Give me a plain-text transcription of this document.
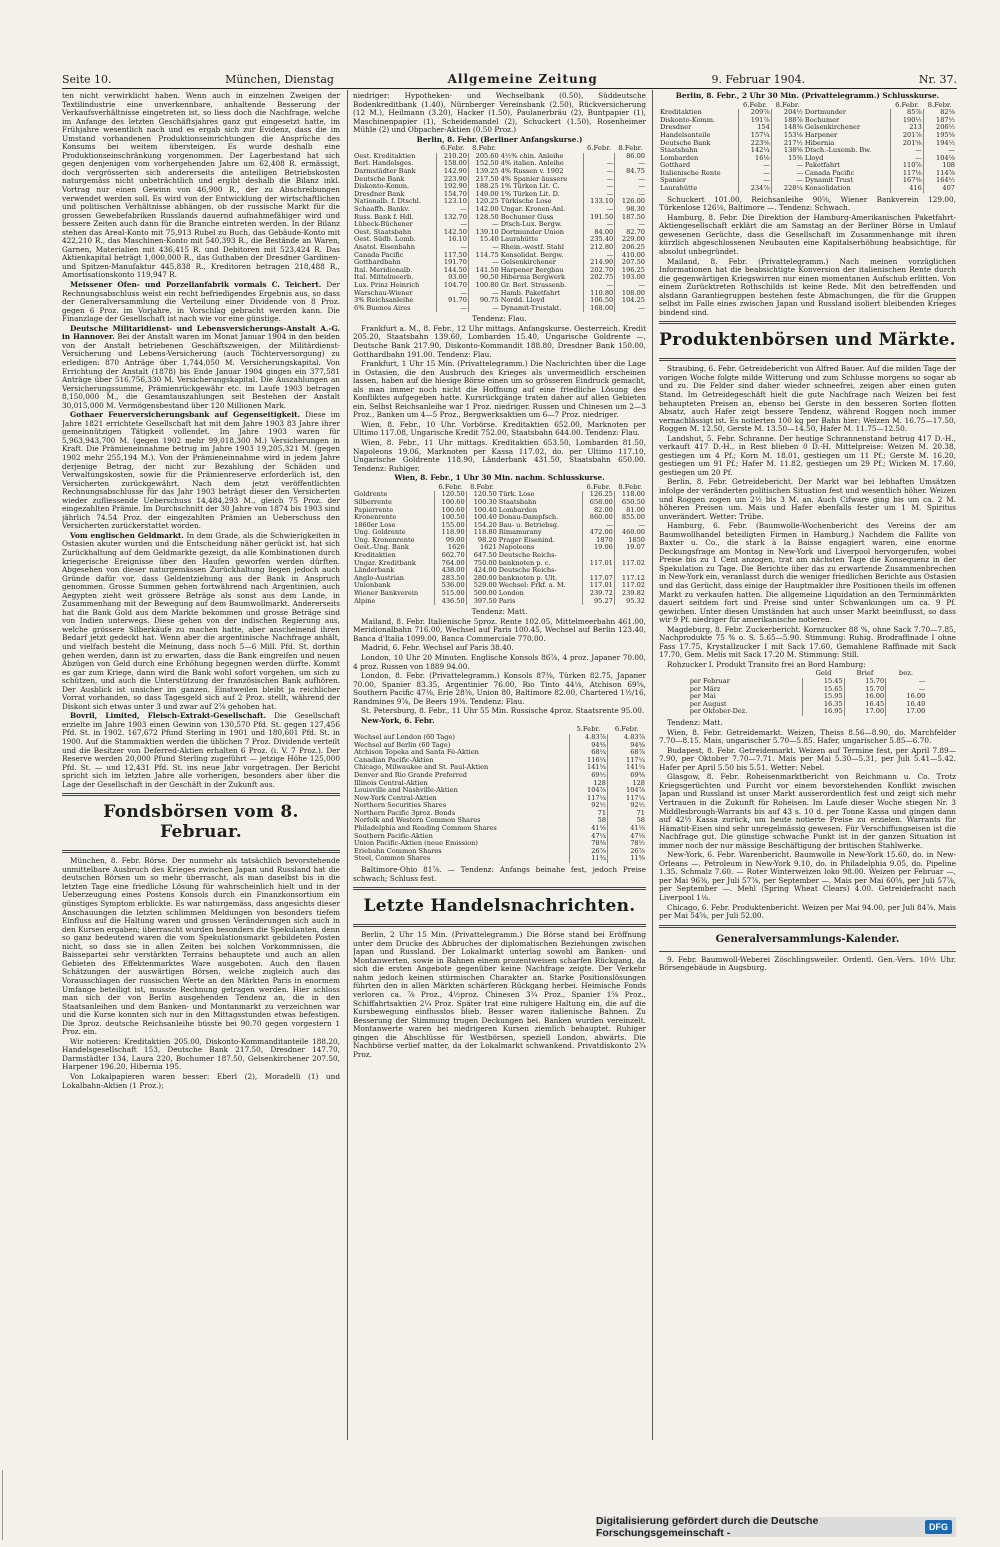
Seite 10.	München, Dienstag	Allgemeine Zeitung	9. Februar 1904.	Nr. 37.

ten nicht verwirklicht haben. Wenn auch in einzelnen Zweigen der Textilindustrie eine unverkennbare, anhaltende Besserung der Verkaufsverhältnisse eingetreten ist, so liess doch die Nachfrage, welche im Anfange des letzten Geschäftsjahres ganz gut eingesetzt hatte, im Frühjahre wesentlich nach und es ergab sich zur Evidenz, dass die im Umstand vorhandenen Produktionseinrichtungen die Ansprüche des Konsums bei weitem übersteigen. Es wurde deshalb eine Produktionseinschränkung vorgenommen. Der Lagerbestand hat sich gegen denjenigen vom vorhergehenden Jahre um 62,408 R. ermässigt, doch vergrösserten sich andererseits die anteiligen Betriebskosten naturgemäss nicht unbeträchtlich und ergibt deshalb die Bilanz inkl. Vortrag nur einen Gewinn von 46,900 R., der zu Abschreibungen verwendet werden soll. Es wird von der Entwicklung der wirtschaftlichen und politischen Verhältnisse abhängen, ob der russische Markt für die grossen Gewebefabriken Russlands dauernd aufnahmefähiger wird und bessere Zeiten auch dann für die Branche eintreten werden. In der Bilanz stehen das Areal-Konto mit 75,913 Rubel zu Buch, das Gebäude-Konto mit 422,210 R., das Maschinen-Konto mit 540,393 R., die Bestände an Waren, Garnen, Materialien mit 436,415 R. und Debitoren mit 523,424 R. Das Aktienkapital beträgt 1,000,000 R., das Guthaben der Dresdner Gardinen- und Spitzen-Manufaktur 445,838 R., Kreditoren betragen 218,488 R., Amortisationskonto 119,947 R.

Meissener Ofen- und Porzellanfabrik vormals C. Teichert. Der Rechnungsabschluss weist ein recht befriedigendes Ergebnis aus, so dass der Generalversammlung die Verteilung einer Dividende von 8 Proz. gegen 6 Proz. im Vorjahre, in Vorschlag gebracht werden kann. Die Finanzlage der Gesellschaft ist nach wie vor eine günstige.

Deutsche Militaridienst- und Lebensversicherungs-Anstalt A.-G. in Hannover. Bei der Anstalt waren im Monat Januar 1904 in den beiden von der Anstalt betriebenen Geschäftszweigen, der Militärdienst-Versicherung und Lebens-Versicherung (auch Töchterversorgung) zu erledigen: 870 Anträge über 1,744,050 M. Versicherungskapital. Von Errichtung der Anstalt (1878) bis Ende Januar 1904 gingen ein 377,581 Anträge über 516,756,330 M. Versicherungskapital. Die Auszahlungen an Versicherungssumme, Prämienrückgewähr etc. im Laufe 1903 betragen 8,150,000 M., die Gesamtauszahlungen seit Bestehen der Anstalt 30,015,000 M. Vermögensbestand über 120 Millionen Mark.

Gothaer Feuerversicherungsbank auf Gegenseitigkeit. Diese im Jahre 1821 errichtete Gesellschaft hat mit dem Jahre 1903 83 Jahre ihrer gemeinnützigen Tätigkeit vollendet. Im Jahre 1903 waren für 5,963,943,700 M. (gegen 1902 mehr 99,018,300 M.) Versicherungen in Kraft. Die Prämieneinnahme betrug im Jahre 1903 19,205,321 M. (gegen 1902 mehr 255,194 M.). Von der Prämieneinnahme wird in jedem Jahre derjenige Betrag, der nicht zur Bezahlung der Schäden und Verwaltungskosten, sowie für die Prämienreserve erforderlich ist, den Versicherten zurückgewährt. Nach dem jetzt veröffentlichten Rechnungsabschlusse für das Jahr 1903 beträgt dieser den Versicherten wieder zufliessende Ueberschuss 14,484,293 M., gleich 75 Proz. der eingezahlten Prämie. Im Durchschnitt der 30 Jahre von 1874 bis 1903 sind jährlich 74.54 Proz. der eingezahlten Prämien an Ueberschuss den Versicherten zurückerstattet worden.

Vom englischen Geldmarkt. In dem Grade, als die Schwierigkeiten in Ostasien akuter wurden und die Entscheidung näher gerückt ist, hat sich Zurückhaltung auf dem Geldmarkte gezeigt, da alle Kombinationen durch kriegerische Ereignisse über den Haufen geworfen werden dürften. Abgesehen von dieser naturgemässen Zurückhaltung liegen jedoch auch Gründe dafür vor, dass Geldentziehung aus der Bank in Anspruch genommen. Grosse Summen gehen fortwährend nach Argentinien, auch Aegypten zieht weit grössere Beträge als sonst aus dem Lande, in Zusammenhang mit der Bewegung auf dem Baumwollmarkt. Andererseits hat die Bank Gold aus dem Markte bekommen und grosse Beträge sind von Indien unterwegs. Diese gehen von der indischen Regierung aus, welche grössere Silberkäufe zu machen hatte, aber anscheinend ihren Bedarf jetzt gedeckt hat. Wenn aber die argentinische Nachfrage anhält, und vielfach besteht die Meinung, dass noch 5—6 Mill. Pfd. St. dorthin gehen werden, dann ist zu erwarten, dass die Bank eingreifen und neuen Abzügen von Geld durch eine Erhöhung begegnen werden dürfte. Kommt es gar zum Kriege, dann wird die Bank wohl sofort vorgehen, um sich zu schützen, und auch die Unterstützung der französischen Bank aufhören. Der Ausblick ist unsicher im ganzen. Einstweilen bleibt ja reichlicher Vorrat vorhanden, so dass Tagesgeld sich auf 2 Proz. stellt, während der Diskont sich etwas unter 3 und zwar auf 2⅞ gehoben hat.

Bovril, Limited, Fleisch-Extrakt-Gesellschaft. Die Gesellschaft erzielte im Jahre 1903 einen Gewinn von 130,570 Pfd. St. gegen 127,456 Pfd. St. in 1902. 167,672 Pfund Sterling in 1901 und 180,601 Pfd. St. in 1900. Auf die Stammaktien werden die üblichen 7 Proz. Dividende verteilt und die Besitzer von Deferred-Aktien erhalten 6 Proz. (i. V. 7 Proz.). Der Reserve werden 20,000 Pfund Sterling zugeführt — jetzige Höhe 125,000 Pfd. St. — und 12,431 Pfd. St. ins neue Jahr vorgetragen. Der Bericht spricht sich im letzten Jahre alle vorherigen, besonders aber über die Lage der Gesellschaft in der Geschäft in der Zukunft aus.

Fondsbörsen vom 8. Februar.

München, 8. Febr. Börse. Der nunmehr als tatsächlich bevorstehende unmittelbare Ausbruch des Krieges zwischen Japan und Russland hat die deutschen Börsen um so mehr überrascht, als man daselbst bis in die letzten Tage eine friedliche Lösung für wahrscheinlich hielt und in der Ueberzeugung eines Postens Konsols durch ein Finanzkonsortium ein günstiges Symptom erblickte. Es war naturgemäss, dass angesichts dieser Anschauungen die letzten schlimmen Meldungen von besonders tiefem Einfluss auf die Haltung waren und grossen Veränderungen sich auch in den Kursen ergaben; überrascht wurden besonders die Spekulanten, denn so ganz bedeutend waren die vom Spekulationsmarkt gebildeten Posten nicht, so dass sie in allen Zeiten bei solchen Vorkommnissen, die Baissepartei sehr verstärkten Terrains behauptete und auch an allen Gebieten des Effektenmarktes Ware ausgeboten. Auch den flauen Schätzungen der auswärtigen Börsen, welche zugleich auch das Vorausschlagen der russischen Werte an den Märkten Paris in enormem Umfange beteiligt ist, musste Rechnung getragen werden. Hier schloss man sich der von Berlin ausgehenden Tendenz an, die in den Staatsanleihen und dem Banken- und Montanmarkt zu verzeichnen war und die Kurse konnten sich nur in den Mittagsstunden etwas befestigen. Die 3proz. deutsche Reichsanleihe büsste bei 90.70 gegen vorgestern 1 Proz. ein.

Wir notieren: Kreditaktien 205.00, Diskonto-Kommanditanteile 188.20, Handelsgesellschaft 153, Deutsche Bank 217.50, Dresdner 147.70, Darmstädter 134, Laura 220, Bochumer 187.50, Gelsenkirchener 207.50, Harpener 196.20, Hibernia 195.

Von Lokalpapieren waren besser: Eberl (2), Moradelli (1) und Lokalbahn-Aktien (1 Proz.);

niedriger: Hypotheken- und Wechselbank (0.50), Süddeutsche Bodenkreditbank (1.40), Nürnberger Vereinsbank (2.50), Rückversicherung (12 M.), Heilmann (3.20), Hacker (1.50), Paulanerbräu (2), Buntpapier (1), Maschinenpapier (1), Scheidemandel (2), Schuckert (1.50), Rosenheimer Mühle (2) und Obpacher-Aktien (0.50 Proz.)

Berlin, 8. Febr. (Berliner Anfangskurse.)

	6.Febr.	8.Febr.		6.Febr.	8.Febr.
Oest. Kreditaktien	210.20	205.60	4½% chin. Anleihe		86.00
Berl. Handelsges.	158.00	152.50	4% italien. Anleihe	—	—
Darmstädter Bank	142.90	139.25	4% Russen v. 1902	—	84.75
Deutsche Bank	223.90	217.50	4% Spanier äussere	—	—
Diskonto-Komm.	192.90	188.25	1% Türken Lit. C.	—	—
Dresdner Bank	154.70	149.00	1% Türken Lit. D.	—	—
Nationalb. f. Dtschl.	123.10	120.25	Türkische Lose	133.10	126.00
Schaaffh. Bankv.	—	142.00	Ungar. Kronen-Anl.	—	98.30
Russ. Bank f. Hdl.	132.70	128.50	Bochumer Guss	191.50	187.50
Lübeck-Büchener	—	—	Dtsch-Lux. Bergw.	—	—
Oest. Staatsbahn	142.50	139.10	Dortmunder Union	84.00	82.70
Oest. Südb. Lomb.	16.10	15.40	Laurahütte	235.40	229.00
Anatol. Eisenbahn	—	—	Rhein.-westf. Stahl	212.80	206.25
Canada Pacific	117.50	114.75	Konsolidat. Bergw.	—	410.00
Gotthardbahn	191.70	—	Gelsenkirchener	214.90	207.50
Ital. Meridionalb.	144.50	141.50	Harpener Bergbau	202.70	196.25
Ital. Mittelmeerb.	93.00	90.50	Hibernia Bergwerk	202.75	193.00
Lux. Prinz Heinrich	104.70	100.80	Gr. Berl. Strassenb.	—	—
Warschau-Wiener	—	—	Hamb. Paketfahrt	110.80	108.00
3% Reichsanleihe	91.70	90.75	Nordd. Lloyd	106.50	104.25
6% Buenos Aires	—	—	Dynamit-Trustakt.	168.00	—

Tendenz: Flau.

Frankfurt a. M., 8. Febr., 12 Uhr mittags. Anfangskurse. Oesterreich. Kredit 205.20, Staatsbahn 139.60, Lombarden 15.40, Ungarische Goldrente —, Deutsche Bank 217.90, Diskonto-Kommandit 188.80, Dresdner Bank 150.00, Gotthardbahn 191.00. Tendenz: Flau.

Frankfurt, 1 Uhr 15 Min. (Privattelegramm.) Die Nachrichten über die Lage in Ostasien, die den Ausbruch des Krieges als unvermeidlich erscheinen lassen, haben auf die hiesige Börse einen um so grösseren Eindruck gemacht, als man immer noch nicht die Hoffnung auf eine friedliche Lösung des Konfliktes aufgegeben hatte. Kursrückgänge traten daher auf allen Gebieten ein. Selbst Reichsanleihe war 1 Proz. niedriger. Russen und Chinesen um 2—3 Proz., Banken um 4—5 Proz., Bergwerksaktien um 6—7 Proz. niedriger.

Wien, 8. Febr., 10 Uhr. Vorbörse. Kreditaktien 652.00, Marknoten per Ultimo 117.08, Ungarische Kredit 752.00, Staatsbahn 644.00. Tendenz: Flau.

Wien, 8. Febr., 11 Uhr mittags. Kreditaktien 653.50, Lombarden 81.50, Napoleons 19.06, Marknoten per Kassa 117.02, do. per Ultimo 117.10, Ungarische Goldrente 118.90, Länderbank 431.50, Staatsbahn 650.00. Tendenz: Ruhiger.

Wien, 8. Febr., 1 Uhr 30 Min. nachm. Schlusskurse.

	6.Febr.	8.Febr.		6.Febr.	8.Febr.
Goldrente	120.50	120.50	Türk. Lose	126.25	118.00
Silberrente	100.60	100.30	Staatsbahn	658.00	650.50
Papierrente	100.60	100.40	Lombarden	82.00	81.00
Kronenrente	100.50	100.40	Donau-Dampfsch.	860.00	855.00
1860er Lose	155.00	154.20	Bau- u. Betriebsg.	—	—
Ung. Goldrente	118.90	118.80	Rimamurany	472.00	460.00
Ung. Kronenrente	99.00	98.20	Prager Eisenind.	1870	1850
Oest.-Ung. Bank	1626	1621	Napoleons	19.06	19.07
Kreditaktien	662.70	647.50	Deutsche Reichs-		
Ungar. Kreditbank	764.00	750.00	banknoten p. c.	117.01	117.02
Länderbank	438.00	424.00	Deutsche Reichs-		
Anglo-Austrian	283.50	280.00	banknoten p. Ult.	117.07	117.12
Unionbank	536.00	529.00	Wechsel: Frkf. a. M.	117.01	117.02
Wiener Bankverein	515.00	500.00	London	239.72	239.82
Alpine	436.50	397.50	Paris	95.27	95.32

Tendenz: Matt.

Mailand, 8. Febr. Italienische 5proz. Rente 102.05, Mittelmeerbahn 461.00, Meridionalbahn 716.00, Wechsel auf Paris 100.45, Wechsel auf Berlin 123.40, Banca d'Italia 1099.00, Banca Commerciale 770.00.

Madrid, 6. Febr. Wechsel auf Paris 38.40.

London, 10 Uhr 20 Minuten. Englische Konsols 86⅞, 4 proz. Japaner 70.00, 4 proz. Russen von 1889 94.00.

London, 8. Febr. (Privattelegramm.) Konsols 87⅜, Türken 82.75, Japaner 70.00, Spanier 83.35, Argentinier 76.00, Rio Tinto 44⅛, Atchison 69⅝, Southern Pacific 47⅛, Erie 28⅜, Union 80, Baltimore 82.00, Chartered 1½/16, Randmines 9⅞, De Beers 19⅜. Tendenz: Flau.

St. Petersburg, 8. Febr., 11 Uhr 55 Min. Russische 4proz. Staatsrente 95.00.

New-York, 6. Febr.

	5.Febr.	6.Febr.
Wechsel auf London (60 Tage)	4.83⅞	4.83⅞
Wechsel auf Berlin (60 Tage)	94⅝	94⅝
Atchison Topeka and Santa Fé-Aktien	68¼	68⅞
Canadian Pacific-Aktien	116¼	117¼
Chicago, Milwaukee and St. Paul-Aktien	141¼	141¼
Denver and Rio Grande Preferred	69½	69⅝
Illinois Central-Aktien	128	128
Louisville and Nashville-Aktien	104⅞	104⅞
New-York Central-Aktien	117¼	117¼
Northern Securities Shares	92½	92½
Northern Pacific 3proz. Bonds	71	71
Norfolk and Western Common Shares	58	58
Philadelphia and Reading Common Shares	41⅛	41⅛
Southern Pacific-Aktien	47¼	47⅛
Union Pacific-Aktien (neue Emission)	78⅜	78½
Eriebahn Common Shares	26⅞	26⅞
Steel, Common Shares	11¾	11⅝

Baltimore-Ohio 81⅞. — Tendenz: Anfangs beinahe fest, jedoch Preise schwach; Schluss fest.

Letzte Handelsnachrichten.

Berlin, 2 Uhr 15 Min. (Privattelegramm.) Die Börse stand bei Eröffnung unter dem Drucke des Abbruches der diplomatischen Beziehungen zwischen Japan und Russland. Der Lokalmarkt unterlag sowohl am Banken- und Montanwerten, sowie in Bahnen einem prozentweisen scharfen Rückgang, da sich die ersten Angebote gegenüber keine Nachfrage zeigte. Der Verkehr nahm jedoch keinen stürmischen Charakter an. Starke Positionslösungen führten den in allen Märkten schärferen Rückgang herbei. Heimische Fonds verloren ca. ⅞ Proz., 4½proz. Chinesen 3¼ Proz., Spanier 1⅝ Proz., Schiffahrtsaktien 2¼ Proz. Später trat eine ruhigere Haltung ein, die auf die Kursbewegung einflusslos blieb. Besser waren italienische Bahnen. Zu Besserung der Stimmung trugen Deckungen bei. Banken wurden vereinzelt. Montanwerte waren bei niedrigeren Kursen ziemlich behauptet. Ruhiger gingen die Abschlüsse für Westbörsen, speziell London, abwärts. Die Nachbörse verlief matter, da der Lokalmarkt schwankend. Privatdiskonto 2¾ Proz.

Berlin, 8. Febr., 2 Uhr 30 Min. (Privattelegramm.) Schlusskurse.

	6.Febr.	8.Febr.		6.Febr.	8.Febr.
Kreditaktien	209⅞	204½	Dortmunder	85⅞	82⅛
Diskonto-Komm.	191⅞	188⅞	Bochumer	190½	187½
Dresdner	154	148⅜	Gelsenkirchener	213	206½
Handelsanteile	157¼	153⅛	Harpener	201⅞	195⅝
Deutsche Bank	223⅝	217½	Hibernia	201⅝	194½
Staatsbahn	142¼	138⅝	Dtsch.-Luxemb. Bw.	—	—
Lombarden	16⅛	15⅜	Lloyd	—	104⅛
Gotthard	—	—	Paketfahrt	110⅞	108
Italienische Rente	—	—	Canada Pacific	117⅛	114⅞
Spanier	—	—	Dynamit Trust	167⅜	164½
Laurahütte	234⅞	228¼	Konsolidation	416	407

Schuckert 101.00, Reichsanleihe 90⅝, Wiener Bankverein 129.00, Türkenlose 126⅛, Baltimore —. Tendenz: Schwach.

Hamburg, 8. Febr. Die Direktion der Hamburg-Amerikanischen Paketfahrt-Aktiengesellschaft erklärt die am Samstag an der Berliner Börse in Umlauf gewesenen Gerüchte, dass die Gesellschaft im Zusammenhange mit ihren kürzlich abgeschlossenen Neubauten eine Kapitalserhöhung beabsichtige, für absolut unbegründet.

Mailand, 8. Febr. (Privattelegramm.) Nach meinen vorzüglichen Informationen hat die beabsichtigte Konversion der italienischen Rente durch die gegenwärtigen Kriegswirren nur einen momentanen Aufschub erlitten. Von einem Zurücktreten Rothschilds ist keine Rede. Mit den betreffenden und alsdann Garantiegruppen bestehen feste Abmachungen, die für die Gruppen selbst im Falle eines zwischen Japan und Russland isoliert bleibenden Krieges bindend sind.

Produktenbörsen und Märkte.

Straubing, 6. Febr. Getreidebericht von Alfred Bauer. Auf die milden Tage der vorigen Woche folgte milde Witterung und zum Schlusse morgens so sogar ab und zu. Die Felder sind daher wieder schneefrei, zeigen aber einen guten Stand. Im Getreidegeschäft hielt die gute Nachfrage nach Weizen bei fest behaupteten Preisen an, ebenso bei Gerste in den besseren Sorten flotten Absatz, auch Hafer zeigt bessere Tendenz, während Roggen noch immer vernachlässigt ist. Es notierten 100 kg per Bahn hier: Weizen M. 16.75—17.50, Roggen M. 12.50, Gerste M. 13.50—14.50, Hafer M. 11.75—12.50.

Landshut, 5. Febr. Schranne. Der heutige Schrannenstand betrug 417 D.-H., verkauft 417 D.-H., in Rest blieben 0 D.-H. Mittelpreise: Weizen M. 20.38, gestiegen um 4 Pf.; Korn M. 18.01, gestiegen um 11 Pf.; Gerste M. 16.20, gestiegen um 91 Pf.; Hafer M. 11.82, gestiegen um 29 Pf.; Wicken M. 17.60, gestiegen um 20 Pf.

Berlin, 8. Febr. Getreidebericht. Der Markt war bei lebhaften Umsätzen infolge der veränderten politischen Situation fest und wesentlich höher. Weizen und Roggen zogen um 2½ bis 3 M. an. Auch Cifware ging bis um ca. 2 M. höheren Preisen um. Mais und Hafer ebenfalls fester um 1 M. Spiritus unverändert. Wetter: Trübe.

Hamburg, 6. Febr. (Baumwolle-Wochenbericht des Vereins der am Baumwollhandel beteiligten Firmen in Hamburg.) Nachdem die Fallite von Baxter u. Co., die stark à la Baisse engagiert waren, eine enorme Deckungsfrage am Montag in New-York und Liverpool hervorgerufen, wobei Preise bis zu 1 Cent anzogen, trat am nächsten Tage die Konsequenz in der Spekulation zu Tage. Die Berichte über das zu erwartende Zusammenbrechen in New-York ein, veranlasst durch die weniger friedlichen Berichte aus Ostasien und das Gerücht, dass einige der Hauptmakler ihre Positionen theils im offenen Markt zu verkaufen hatten. Die allgemeine Liquidation an den Terminmärkten dauert seitdem fort und Preise sind unter Schwankungen um ca. 9 Pf. gewichen. Unter diesen Umständen hat auch unser Markt beeinflusst, so dass wir 9 Pf. niedriger für amerikanische notieren.

Magdeburg, 8. Febr. Zuckerbericht. Kornzucker 88 %, ohne Sack 7.70—7.85, Nachprodukte 75 % o. S. 5.65—5.90. Stimmung: Ruhig. Brodraffinade I ohne Fass 17.75, Krystallzucker I mit Sack 17.60, Gemahlene Raffinade mit Sack 17.70, Gem. Melis mit Sack 17.20 M. Stimmung: Still.

Rohzucker I. Produkt Transito frei an Bord Hamburg:

	Geld	Brief	bez.
per Februar	15.45	15.70	—
per März	15.65	15.70	—
per Mai	15.95	16.00	16.00
per August	16.35	16.45	16.40
per Oktober-Dez.	16.95	17.00	17.00

Tendenz: Matt.

Wien, 8. Febr. Getreidemarkt. Weizen, Theiss 8.56—8.90, do. Marchfelder 7.70—8.15. Mais, ungarischer 5.70—5.85. Hafer, ungarischer 5.85—6.70.

Budapest, 8. Febr. Getreidemarkt. Weizen auf Termine fest, per April 7.89—7.90, per Oktober 7.70—7.71. Mais per Mai 5.30—5.31, per Juli 5.41—5.42. Hafer per April 5.50 bis 5.51. Wetter: Nebel.

Glasgow, 8. Febr. Roheisenmarktbericht von Reichmann u. Co. Trotz Kriegsgerüchten und Furcht vor einem bevorstehenden Konflikt zwischen Japan und Russland ist unser Markt ausserordentlich fest und zeigt sich mehr Vertrauen in die Zukunft für Roheisen. Im Laufe dieser Woche stiegen Nr. 3 Middlesbrough-Warrants bis auf 43 s. 10 d. per Tonne Kassa und gingen dann auf 42½ Kassa zurück, um heute notierte Preise zu erzielen. Warrants für Hämatit-Eisen sind sehr unregelmässig gewesen. Für Verschiffungseisen ist die Nachfrage gut. Die günstige schwache Punkt ist in der ganzen Situation ist immer noch der nur mässige Beschäftigung der britischen Stahlwerke.

New-York, 6. Febr. Warenbericht. Baumwolle in New-York 15.60, do. in New-Orleans —. Petroleum in New-York 9.10, do. in Philadelphia 9.05, do. Pipeline 1.35. Schmalz 7.60. — Roter Winterweizen loko 98.00. Weizen per Februar —, per Mai 96⅜, per Juli 57⅞, per September —. Mais per Mai 60⅝, per Juli 57⅞, per September —. Mehl (Spring Wheat Clears) 4.00. Getreidefracht nach Liverpool 1⅛.

Chicago, 6. Febr. Produktenbericht. Weizen per Mai 94.00, per Juli 84⅞. Mais per Mai 54⅝, per Juli 52.00.

Generalversammlungs-Kalender.

9. Febr. Baumwoll-Weberei Zöschlingsweiler. Ordentl. Gen.-Vers. 10½ Uhr. Börsengebäude in Augsburg.

Digitalisierung gefördert durch die Deutsche Forschungsgemeinschaft -	DFG
